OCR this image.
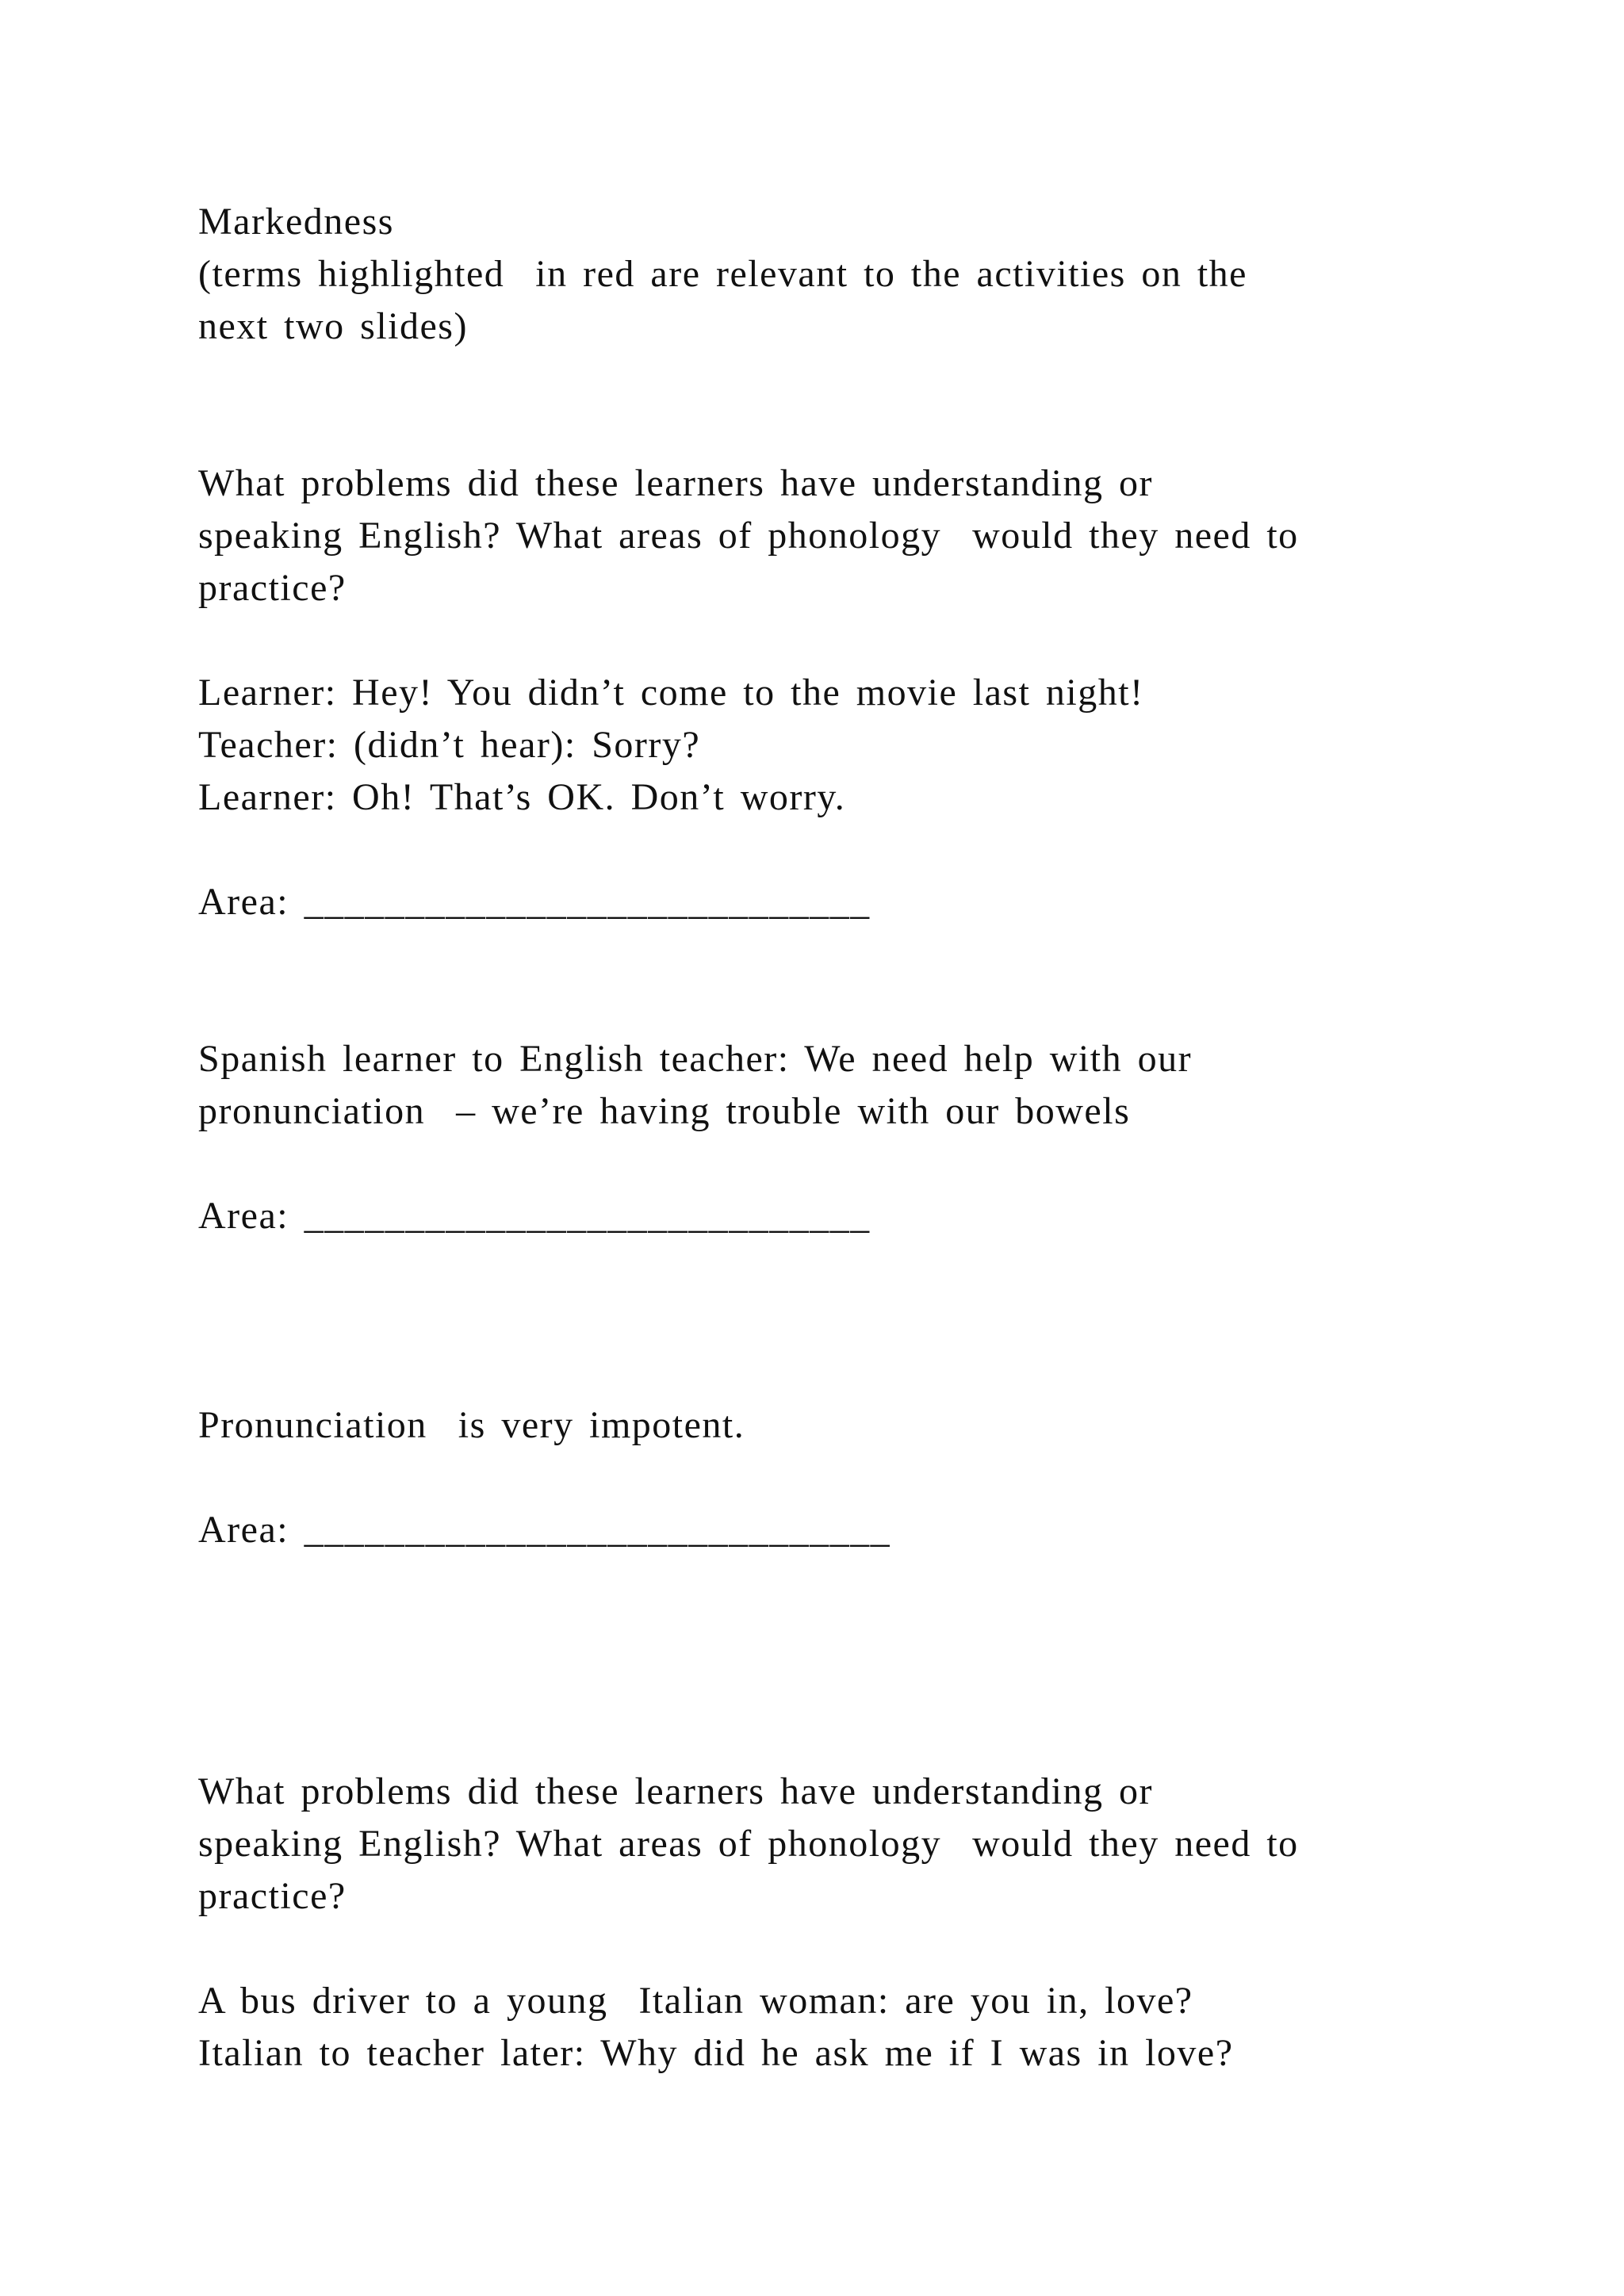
Markedness
(terms highlighted  in red are relevant to the activities on the
next two slides)
What problems did these learners have understanding or
speaking English? What areas of phonology  would they need to
practice?
Learner: Hey! You didn’t come to the movie last night!
Teacher: (didn’t hear): Sorry?
Learner: Oh! That’s OK. Don’t worry.
Area: ____________________________
Spanish learner to English teacher: We need help with our
pronunciation  – we’re having trouble with our bowels
Area: ____________________________
Pronunciation  is very impotent.
Area: _____________________________
What problems did these learners have understanding or
speaking English? What areas of phonology  would they need to
practice?
A bus driver to a young  Italian woman: are you in, love?
Italian to teacher later: Why did he ask me if I was in love?
